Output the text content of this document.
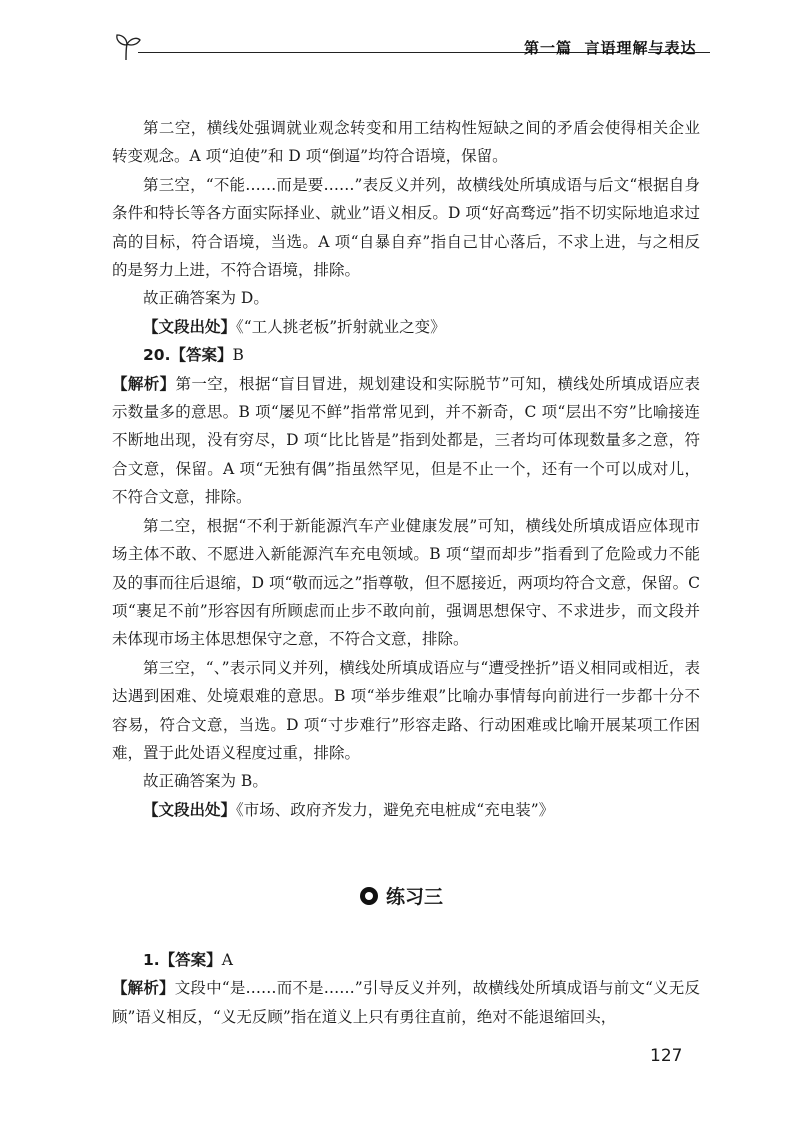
第一篇 言语理解与表达

第二空，横线处强调就业观念转变和用工结构性短缺之间的矛盾会使得相关企业转变观念。A 项“迫使”和 D 项“倒逼”均符合语境，保留。

第三空，“不能……而是要……”表反义并列，故横线处所填成语与后文“根据自身条件和特长等各方面实际择业、就业”语义相反。D 项“好高骛远”指不切实际地追求过高的目标，符合语境，当选。A 项“自暴自弃”指自己甘心落后，不求上进，与之相反的是努力上进，不符合语境，排除。

故正确答案为 D。

【文段出处】《“工人挑老板”折射就业之变》

20.【答案】B

【解析】第一空，根据“盲目冒进，规划建设和实际脱节”可知，横线处所填成语应表示数量多的意思。B 项“屡见不鲜”指常常见到，并不新奇，C 项“层出不穷”比喻接连不断地出现，没有穷尽，D 项“比比皆是”指到处都是，三者均可体现数量多之意，符合文意，保留。A 项“无独有偶”指虽然罕见，但是不止一个，还有一个可以成对儿，不符合文意，排除。

第二空，根据“不利于新能源汽车产业健康发展”可知，横线处所填成语应体现市场主体不敢、不愿进入新能源汽车充电领域。B 项“望而却步”指看到了危险或力不能及的事而往后退缩，D 项“敬而远之”指尊敬，但不愿接近，两项均符合文意，保留。C 项“裹足不前”形容因有所顾虑而止步不敢向前，强调思想保守、不求进步，而文段并未体现市场主体思想保守之意，不符合文意，排除。

第三空，“、”表示同义并列，横线处所填成语应与“遭受挫折”语义相同或相近，表达遇到困难、处境艰难的意思。B 项“举步维艰”比喻办事情每向前进行一步都十分不容易，符合文意，当选。D 项“寸步难行”形容走路、行动困难或比喻开展某项工作困难，置于此处语义程度过重，排除。

故正确答案为 B。

【文段出处】《市场、政府齐发力，避免充电桩成“充电装”》

练习三

1.【答案】A

【解析】文段中“是……而不是……”引导反义并列，故横线处所填成语与前文“义无反顾”语义相反，“义无反顾”指在道义上只有勇往直前，绝对不能退缩回头，

127
